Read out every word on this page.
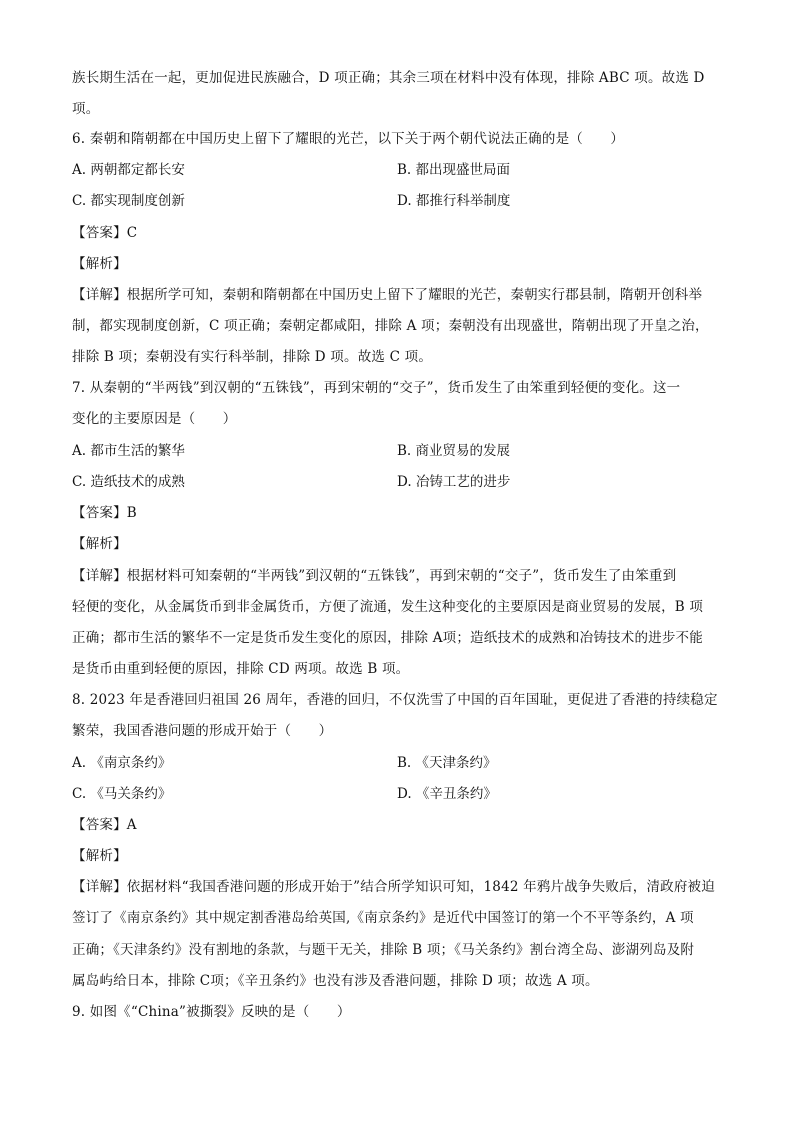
族长期生活在一起，更加促进民族融合，D 项正确；其余三项在材料中没有体现，排除 ABC 项。故选 D
项。
6. 秦朝和隋朝都在中国历史上留下了耀眼的光芒，以下关于两个朝代说法正确的是（　　）
A. 两朝都定都长安	B. 都出现盛世局面
C. 都实现制度创新	D. 都推行科举制度
【答案】C
【解析】
【详解】根据所学可知，秦朝和隋朝都在中国历史上留下了耀眼的光芒，秦朝实行郡县制，隋朝开创科举
制，都实现制度创新，C 项正确；秦朝定都咸阳，排除 A 项；秦朝没有出现盛世，隋朝出现了开皇之治，
排除 B 项；秦朝没有实行科举制，排除 D 项。故选 C 项。
7. 从秦朝的“半两钱”到汉朝的“五铢钱”，再到宋朝的“交子”，货币发生了由笨重到轻便的变化。这一
变化的主要原因是（　　）
A. 都市生活的繁华	B. 商业贸易的发展
C. 造纸技术的成熟	D. 冶铸工艺的进步
【答案】B
【解析】
【详解】根据材料可知秦朝的“半两钱”到汉朝的“五铢钱”，再到宋朝的“交子”，货币发生了由笨重到
轻便的变化，从金属货币到非金属货币，方便了流通，发生这种变化的主要原因是商业贸易的发展，B 项
正确；都市生活的繁华不一定是货币发生变化的原因，排除 A项；造纸技术的成熟和冶铸技术的进步不能
是货币由重到轻便的原因，排除 CD 两项。故选 B 项。
8. 2023 年是香港回归祖国 26 周年，香港的回归，不仅洗雪了中国的百年国耻，更促进了香港的持续稳定
繁荣，我国香港问题的形成开始于（　　）
A. 《南京条约》	B. 《天津条约》
C. 《马关条约》	D. 《辛丑条约》
【答案】A
【解析】
【详解】依据材料“我国香港问题的形成开始于”结合所学知识可知，1842 年鸦片战争失败后，清政府被迫
签订了《南京条约》其中规定割香港岛给英国,《南京条约》是近代中国签订的第一个不平等条约，A 项
正确；《天津条约》没有割地的条款，与题干无关，排除 B 项；《马关条约》割台湾全岛、澎湖列岛及附
属岛屿给日本，排除 C项；《辛丑条约》也没有涉及香港问题，排除 D 项；故选 A 项。
9. 如图《“China”被撕裂》反映的是（　　）
